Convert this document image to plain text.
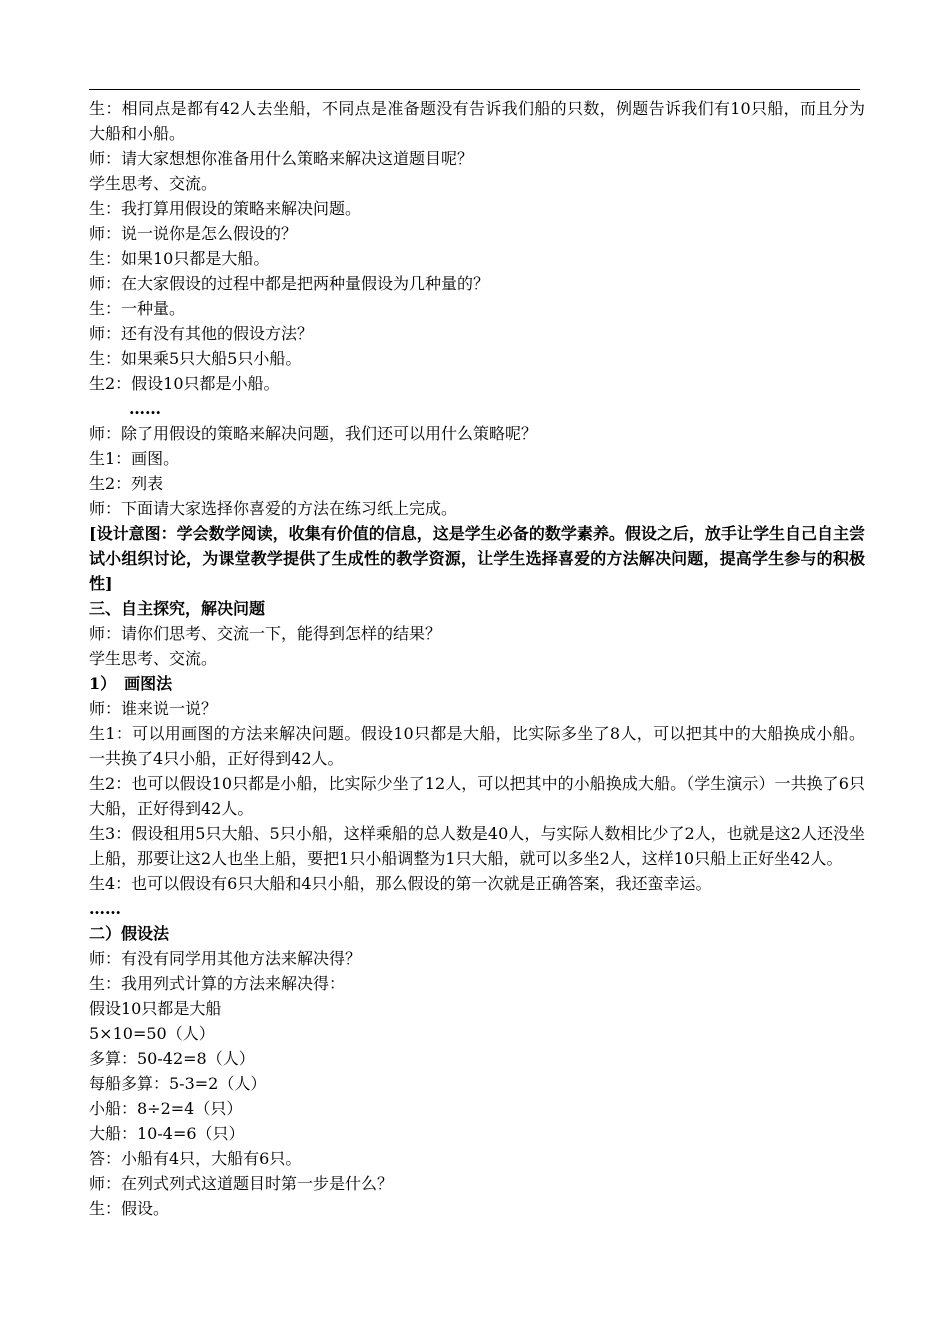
生：相同点是都有42人去坐船，不同点是准备题没有告诉我们船的只数，例题告诉我们有10只船，而且分为大船和小船。
师：请大家想想你准备用什么策略来解决这道题目呢？
学生思考、交流。
生：我打算用假设的策略来解决问题。
师：说一说你是怎么假设的？
生：如果10只都是大船。
师：在大家假设的过程中都是把两种量假设为几种量的？
生：一种量。
师：还有没有其他的假设方法？
生：如果乘5只大船5只小船。
生2：假设10只都是小船。
……
师：除了用假设的策略来解决问题，我们还可以用什么策略呢？
生1：画图。
生2：列表
师：下面请大家选择你喜爱的方法在练习纸上完成。
[设计意图：学会数学阅读，收集有价值的信息，这是学生必备的数学素养。假设之后，放手让学生自己自主尝试小组织讨论，为课堂教学提供了生成性的教学资源，让学生选择喜爱的方法解决问题，提高学生参与的积极性]
三、自主探究，解决问题
师：请你们思考、交流一下，能得到怎样的结果？
学生思考、交流。
1）　画图法
师：谁来说一说？
生1：可以用画图的方法来解决问题。假设10只都是大船，比实际多坐了8人，可以把其中的大船换成小船。一共换了4只小船，正好得到42人。
生2：也可以假设10只都是小船，比实际少坐了12人，可以把其中的小船换成大船。（学生演示）一共换了6只大船，正好得到42人。
生3：假设租用5只大船、5只小船，这样乘船的总人数是40人，与实际人数相比少了2人，也就是这2人还没坐上船，那要让这2人也坐上船，要把1只小船调整为1只大船，就可以多坐2人，这样10只船上正好坐42人。
生4：也可以假设有6只大船和4只小船，那么假设的第一次就是正确答案，我还蛮幸运。
……
二）假设法
师：有没有同学用其他方法来解决得？
生：我用列式计算的方法来解决得：
假设10只都是大船
5×10=50（人）
多算：50-42=8（人）
每船多算：5-3=2（人）
小船：8÷2=4（只）
大船：10-4=6（只）
答：小船有4只，大船有6只。
师：在列式列式这道题目时第一步是什么？
生：假设。
